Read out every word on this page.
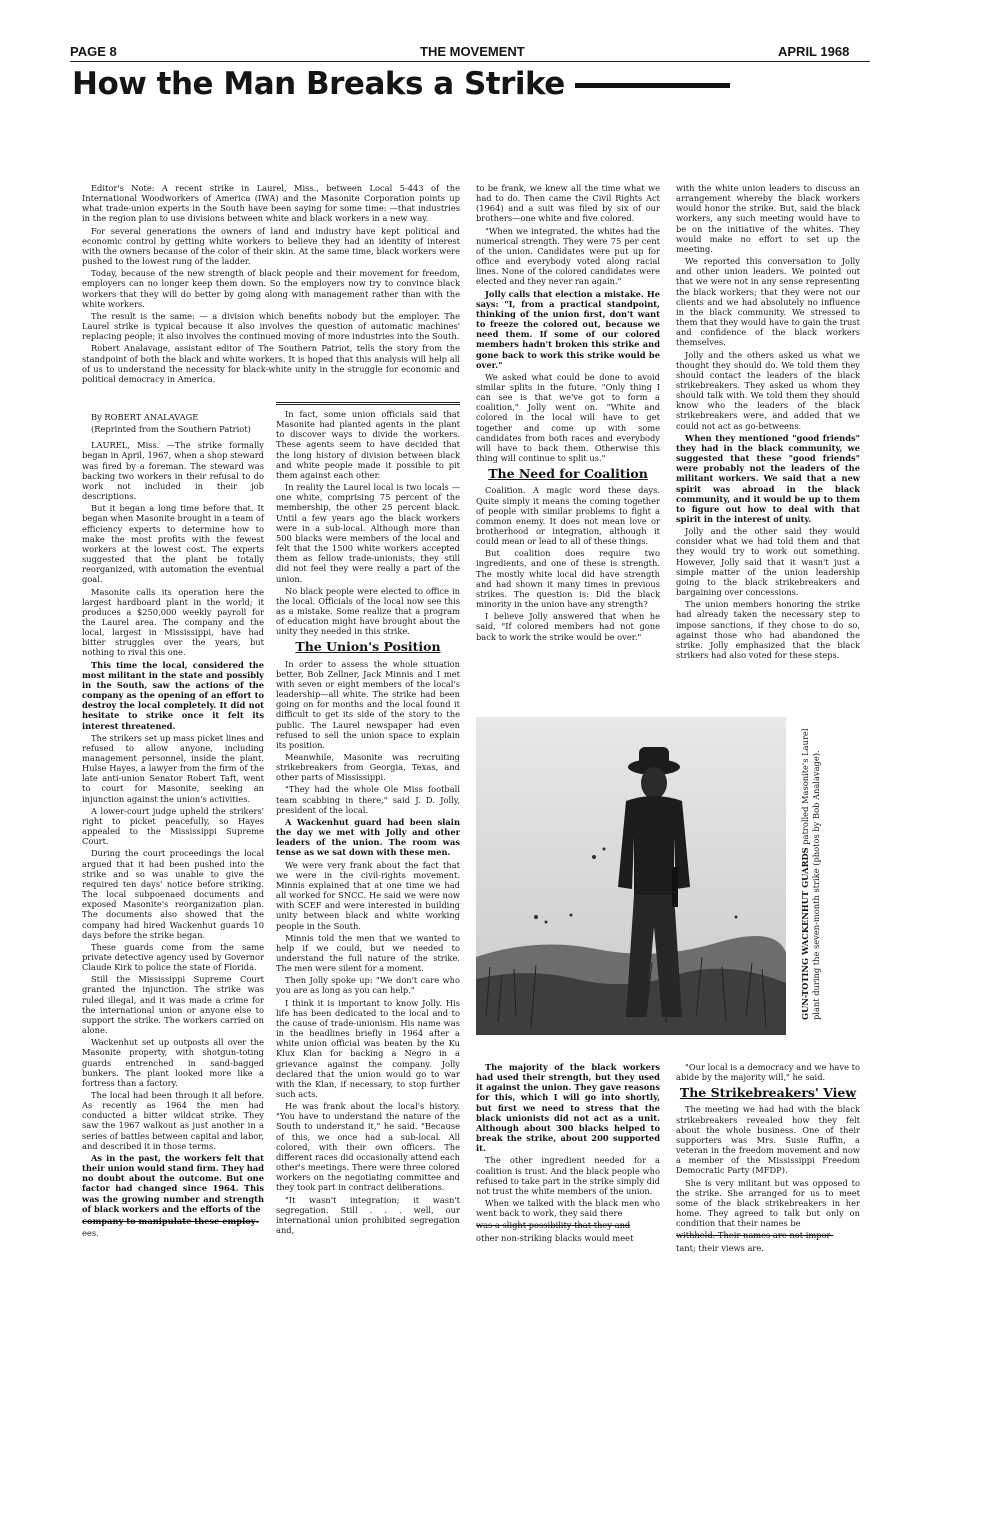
PAGE 8	THE MOVEMENT	APRIL 1968
How the Man Breaks a Strike

Editor's Note: A recent strike in Laurel, Miss., between Local 5-443 of the International Woodworkers of America (IWA) and the Masonite Corporation points up what trade-union experts in the South have been saying for some time: —that industries in the region plan to use divisions between white and black workers in a new way.

For several generations the owners of land and industry have kept political and economic control by getting white workers to believe they had an identity of interest with the owners because of the color of their skin. At the same time, black workers were pushed to the lowest rung of the ladder.

Today, because of the new strength of black people and their movement for freedom, employers can no longer keep them down. So the employers now try to convince black workers that they will do better by going along with management rather than with the white workers.

The result is the same: — a division which benefits nobody but the employer. The Laurel strike is typical because it also involves the question of automatic machines' replacing people; it also involves the continued moving of more industries into the South.

Robert Analavage, assistant editor of The Southern Patriot, tells the story from the standpoint of both the black and white workers. It is hoped that this analysis will help all of us to understand the necessity for black-white unity in the struggle for economic and political democracy in America.

By ROBERT ANALAVAGE

(Reprinted from the Southern Patriot)

LAUREL, Miss. —The strike formally began in April, 1967, when a shop steward was fired by a foreman. The steward was backing two workers in their refusal to do work not included in their job descriptions.

But it began a long time before that. It began when Masonite brought in a team of efficiency experts to determine how to make the most profits with the fewest workers at the lowest cost. The experts suggested that the plant be totally reorganized, with automation the eventual goal.

Masonite calls its operation here the largest hardboard plant in the world; it produces a $250,000 weekly payroll for the Laurel area. The company and the local, largest in Mississippi, have had bitter struggles over the years, but nothing to rival this one.

This time the local, considered the most militant in the state and possibly in the South, saw the actions of the company as the opening of an effort to destroy the local completely. It did not hesitate to strike once it felt its interest threatened.

The strikers set up mass picket lines and refused to allow anyone, including management personnel, inside the plant. Hulse Hayes, a lawyer from the firm of the late anti-union Senator Robert Taft, went to court for Masonite, seeking an injunction against the union's activities.

A lower-court judge upheld the strikers' right to picket peacefully, so Hayes appealed to the Mississippi Supreme Court.

During the court proceedings the local argued that it had been pushed into the strike and so was unable to give the required ten days' notice before striking. The local subpoenaed documents and exposed Masonite's reorganization plan. The documents also showed that the company had hired Wackenhut guards 10 days before the strike began.

These guards come from the same private detective agency used by Governor Claude Kirk to police the state of Florida.

Still the Mississippi Supreme Court granted the injunction. The strike was ruled illegal, and it was made a crime for the international union or anyone else to support the strike. The workers carried on alone.

Wackenhut set up outposts all over the Masonite property, with shotgun-toting guards entrenched in sand-bagged bunkers. The plant looked more like a fortress than a factory.

The local had been through it all before. As recently as 1964 the men had conducted a bitter wildcat strike. They saw the 1967 walkout as just another in a series of battles between capital and labor, and described it in those terms.

As in the past, the workers felt that their union would stand firm. They had no doubt about the outcome. But one factor had changed since 1964. This was the growing number and strength of black workers and the efforts of the

company to manipulate these employ-

ees.

In fact, some union officials said that Masonite had planted agents in the plant to discover ways to divide the workers. These agents seem to have decided that the long history of division between black and white people made it possible to pit them against each other.

In reality the Laurel local is two locals —one white, comprising 75 percent of the membership, the other 25 percent black. Until a few years ago the black workers were in a sub-local. Although more than 500 blacks were members of the local and felt that the 1500 white workers accepted them as fellow trade-unionists, they still did not feel they were really a part of the union.

No black people were elected to office in the local. Officials of the local now see this as a mistake. Some realize that a program of education might have brought about the unity they needed in this strike.

The Union's Position

In order to assess the whole situation better, Bob Zellner, Jack Minnis and I met with seven or eight members of the local's leadership—all white. The strike had been going on for months and the local found it difficult to get its side of the story to the public. The Laurel newspaper had even refused to sell the union space to explain its position.

Meanwhile, Masonite was recruiting strikebreakers from Georgia, Texas, and other parts of Mississippi.

"They had the whole Ole Miss football team scabbing in there," said J. D. Jolly, president of the local.

A Wackenhut guard had been slain the day we met with Jolly and other leaders of the union. The room was tense as we sat down with these men.

We were very frank about the fact that we were in the civil-rights movement. Minnis explained that at one time we had all worked for SNCC. He said we were now with SCEF and were interested in building unity between black and white working people in the South.

Minnis told the men that we wanted to help if we could, but we needed to understand the full nature of the strike. The men were silent for a moment.

Then Jolly spoke up: "We don't care who you are as long as you can help."

I think it is important to know Jolly. His life has been dedicated to the local and to the cause of trade-unionism. His name was in the headlines briefly in 1964 after a white union official was beaten by the Ku Klux Klan for backing a Negro in a grievance against the company. Jolly declared that the union would go to war with the Klan, if necessary, to stop further such acts.

He was frank about the local's history. "You have to understand the nature of the South to understand it," he said. "Because of this, we once had a sub-local. All colored, with their own officers. The different races did occasionally attend each other's meetings. There were three colored workers on the negotiating committee and they took part in contract deliberations.

"It wasn't integration; it wasn't segregation. Still . . . well, our international union prohibited segregation and,

to be frank, we knew all the time what we had to do. Then came the Civil Rights Act (1964) and a suit was filed by six of our brothers—one white and five colored.

"When we integrated, the whites had the numerical strength. They were 75 per cent of the union. Candidates were put up for office and everybody voted along racial lines. None of the colored candidates were elected and they never ran again."

Jolly calls that election a mistake. He says: "I, from a practical standpoint, thinking of the union first, don't want to freeze the colored out, because we need them. If some of our colored members hadn't broken this strike and gone back to work this strike would be over."

We asked what could be done to avoid similar splits in the future. "Only thing I can see is that we've got to form a coalition," Jolly went on. "White and colored in the local will have to get together and come up with some candidates from both races and everybody will have to back them. Otherwise this thing will continue to split us."

The Need for Coalition

Coalition. A magic word these days. Quite simply it means the coming together of people with similar problems to fight a common enemy. It does not mean love or brotherhood or integration, although it could mean or lead to all of these things.

But coalition does require two ingredients, and one of these is strength. The mostly white local did have strength and had shown it many times in previous strikes. The question is: Did the black minority in the union have any strength?

I believe Jolly answered that when he said, "If colored members had not gone back to work the strike would be over."

with the white union leaders to discuss an arrangement whereby the black workers would honor the strike. But, said the black workers, any such meeting would have to be on the initiative of the whites. They would make no effort to set up the meeting.

We reported this conversation to Jolly and other union leaders. We pointed out that we were not in any sense representing the black workers; that they were not our clients and we had absolutely no influence in the black community. We stressed to them that they would have to gain the trust and confidence of the black workers themselves.

Jolly and the others asked us what we thought they should do. We told them they should contact the leaders of the black strikebreakers. They asked us whom they should talk with. We told them they should know who the leaders of the black strikebreakers were, and added that we could not act as go-betweens.

When they mentioned "good friends" they had in the black community, we suggested that these "good friends" were probably not the leaders of the militant workers. We said that a new spirit was abroad in the black community, and it would be up to them to figure out how to deal with that spirit in the interest of unity.

Jolly and the other said they would consider what we had told them and that they would try to work out something. However, Jolly said that it wasn't just a simple matter of the union leadership going to the black strikebreakers and bargaining over concessions.

The union members honoring the strike had already taken the necessary step to impose sanctions, if they chose to do so, against those who had abandoned the strike. Jolly emphasized that the black strikers had also voted for these steps.

GUN-TOTING WACKENHUT GUARDS patrolled Masonite's Laurel plant during the seven-month strike (photos by Bob Analavage).

The majority of the black workers had used their strength, but they used it against the union. They gave reasons for this, which I will go into shortly, but first we need to stress that the black unionists did not act as a unit. Although about 300 blacks helped to break the strike, about 200 supported it.

The other ingredient needed for a coalition is trust. And the black people who refused to take part in the strike simply did not trust the white members of the union.

When we talked with the black men who went back to work, they said there

was a slight possibility that they and

other non-striking blacks would meet

"Our local is a democracy and we have to abide by the majority will," he said.

The Strikebreakers' View

The meeting we had had with the black strikebreakers revealed how they felt about the whole business. One of their supporters was Mrs. Susie Ruffin, a veteran in the freedom movement and now a member of the Mississippi Freedom Democratic Party (MFDP).

She is very militant but was opposed to the strike. She arranged for us to meet some of the black strikebreakers in her home. They agreed to talk but only on condition that their names be

withheld. Their names are not impor-

tant; their views are.
